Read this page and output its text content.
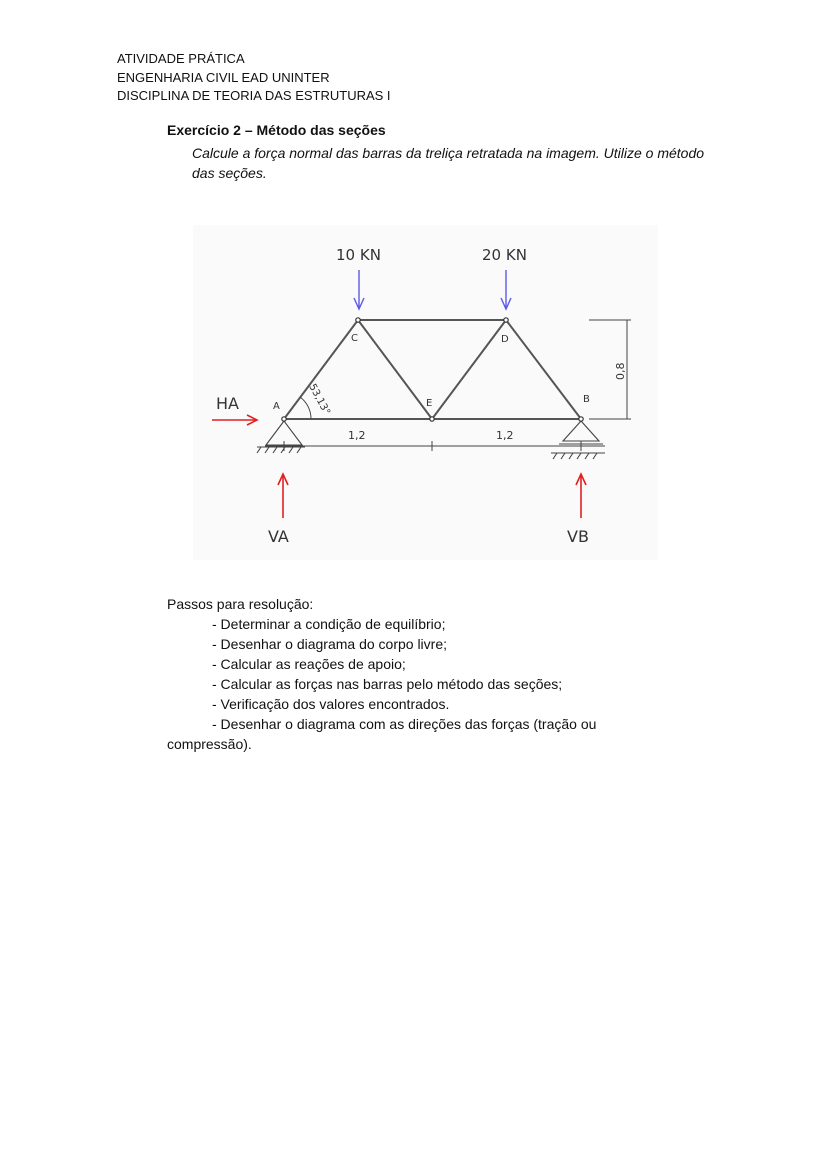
ATIVIDADE PRÁTICA
ENGENHARIA CIVIL EAD UNINTER
DISCIPLINA DE TEORIA DAS ESTRUTURAS I
Exercício 2 – Método das seções
Calcule a força normal das barras da treliça retratada na imagem. Utilize o método das seções.
10 KN	20 KN
C	D
A	E	B
53,13°
1,2	1,2
0,8
HA
VA	VB
Passos para resolução:
- Determinar a condição de equilíbrio;
- Desenhar o diagrama do corpo livre;
- Calcular as reações de apoio;
- Calcular as forças nas barras pelo método das seções;
- Verificação dos valores encontrados.
- Desenhar o diagrama com as direções das forças (tração ou compressão).
